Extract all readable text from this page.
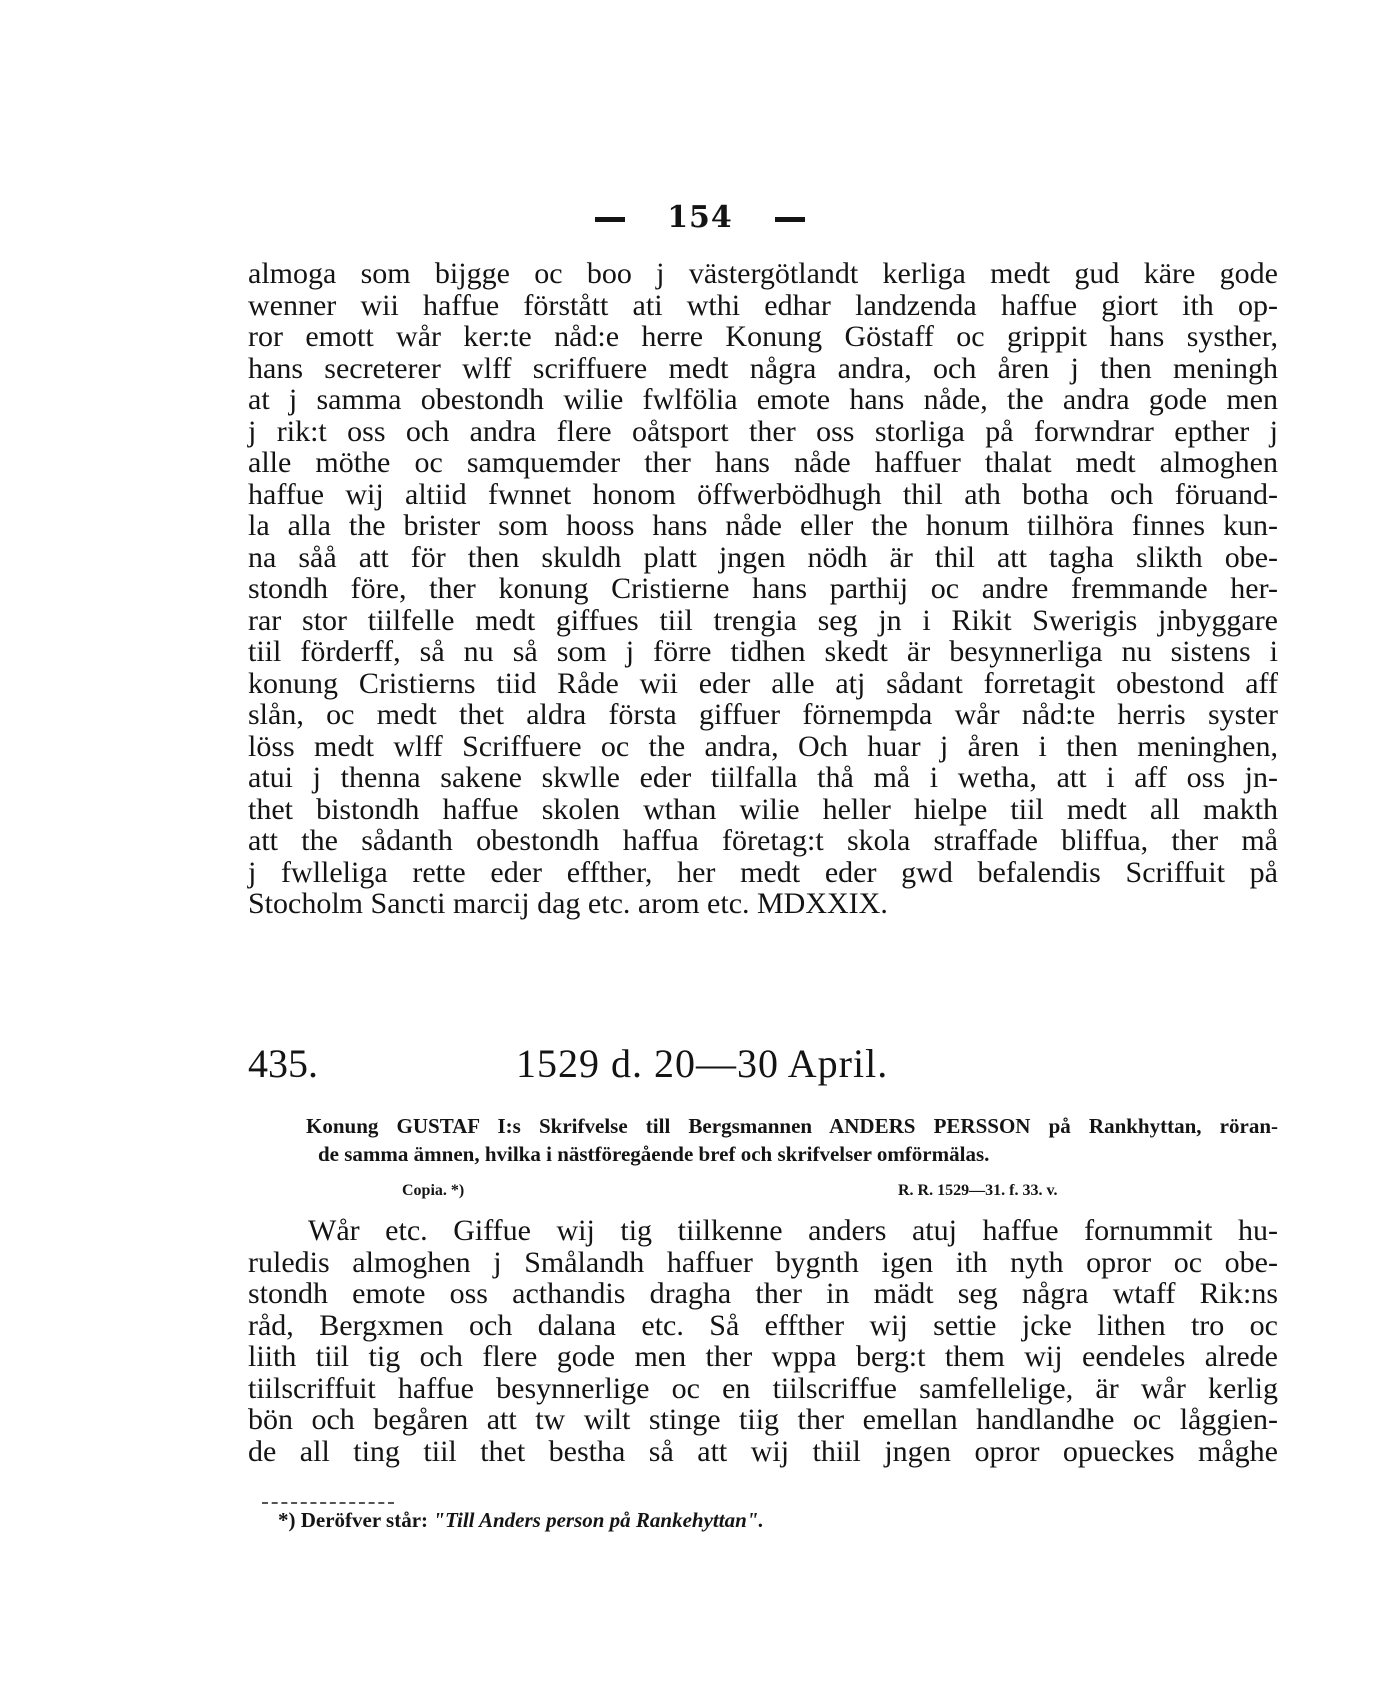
154
almoga som bijgge oc boo j västergötlandt kerliga medt gud käre gode
wenner wii haffue förstått ati wthi edhar landzenda haffue giort ith op-
ror emott wår ker:te nåd:e herre Konung Göstaff oc grippit hans systher,
hans secreterer wlff scriffuere medt några andra, och åren j then meningh
at j samma obestondh wilie fwlfölia emote hans nåde, the andra gode men
j rik:t oss och andra flere oåtsport ther oss storliga på forwndrar epther j
alle möthe oc samquemder ther hans nåde haffuer thalat medt almoghen
haffue wij altiid fwnnet honom öffwerbödhugh thil ath botha och föruand-
la alla the brister som hooss hans nåde eller the honum tiilhöra finnes kun-
na såå att för then skuldh platt jngen nödh är thil att tagha slikth obe-
stondh före, ther konung Cristierne hans parthij oc andre fremmande her-
rar stor tiilfelle medt giffues tiil trengia seg jn i Rikit Swerigis jnbyggare
tiil förderff, så nu så som j förre tidhen skedt är besynnerliga nu sistens i
konung Cristierns tiid Råde wii eder alle atj sådant forretagit obestond aff
slån, oc medt thet aldra första giffuer förnempda wår nåd:te herris syster
löss medt wlff Scriffuere oc the andra, Och huar j åren i then meninghen,
atui j thenna sakene skwlle eder tiilfalla thå må i wetha, att i aff oss jn-
thet bistondh haffue skolen wthan wilie heller hielpe tiil medt all makth
att the sådanth obestondh haffua företag:t skola straffade bliffua, ther må
j fwlleliga rette eder effther, her medt eder gwd befalendis Scriffuit på
Stocholm Sancti marcij dag etc. arom etc. MDXXIX.
435.	1529 d. 20—30 April.
Konung GUSTAF I:s Skrifvelse till Bergsmannen ANDERS PERSSON på Rankhyttan, röran-
de samma ämnen, hvilka i nästföregående bref och skrifvelser omförmälas.
Copia. *)	R. R. 1529—31. f. 33. v.
Wår etc. Giffue wij tig tiilkenne anders atuj haffue fornummit hu-
ruledis almoghen j Smålandh haffuer bygnth igen ith nyth opror oc obe-
stondh emote oss acthandis dragha ther in mädt seg några wtaff Rik:ns
råd, Bergxmen och dalana etc. Så effther wij settie jcke lithen tro oc
liith tiil tig och flere gode men ther wppa berg:t them wij eendeles alrede
tiilscriffuit haffue besynnerlige oc en tiilscriffue samfellelige, är wår kerlig
bön och begåren att tw wilt stinge tiig ther emellan handlandhe oc låggien-
de all ting tiil thet bestha så att wij thiil jngen opror opueckes måghe
*) Deröfver står: "Till Anders person på Rankehyttan".
